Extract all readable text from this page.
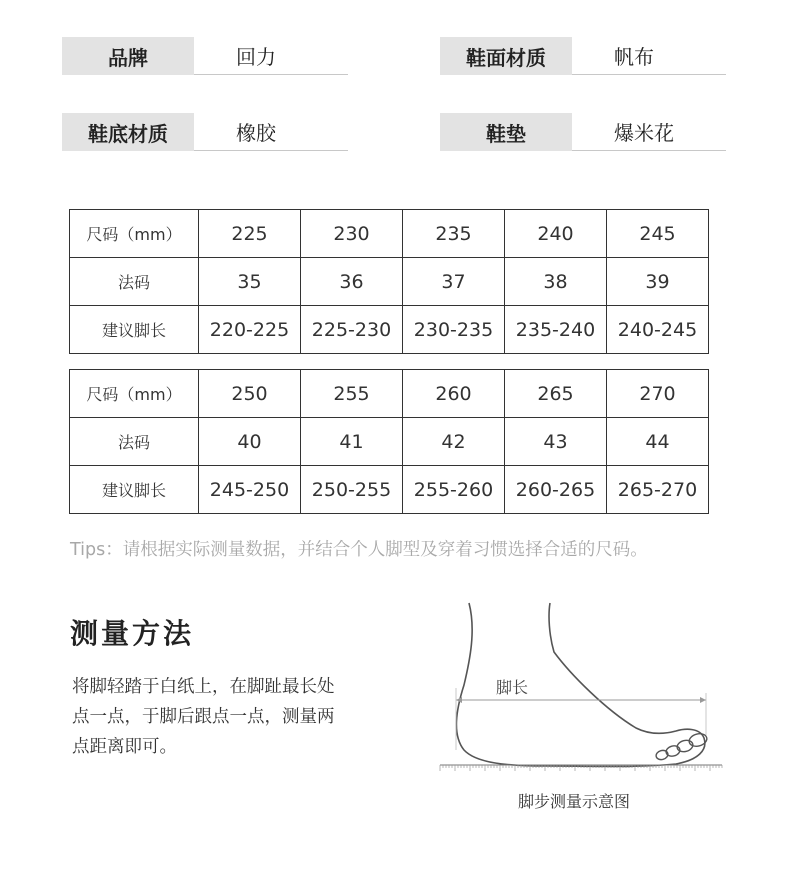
品牌	回力	鞋面材质	帆布
鞋底材质	橡胶	鞋垫	爆米花
尺码（mm）	225	230	235	240	245
法码	35	36	37	38	39
建议脚长	220-225	225-230	230-235	235-240	240-245
尺码（mm）	250	255	260	265	270
法码	40	41	42	43	44
建议脚长	245-250	250-255	255-260	260-265	265-270
Tips：请根据实际测量数据，并结合个人脚型及穿着习惯选择合适的尺码。
测量方法
将脚轻踏于白纸上，在脚趾最长处
点一点，于脚后跟点一点，测量两
点距离即可。
脚长
脚步测量示意图
